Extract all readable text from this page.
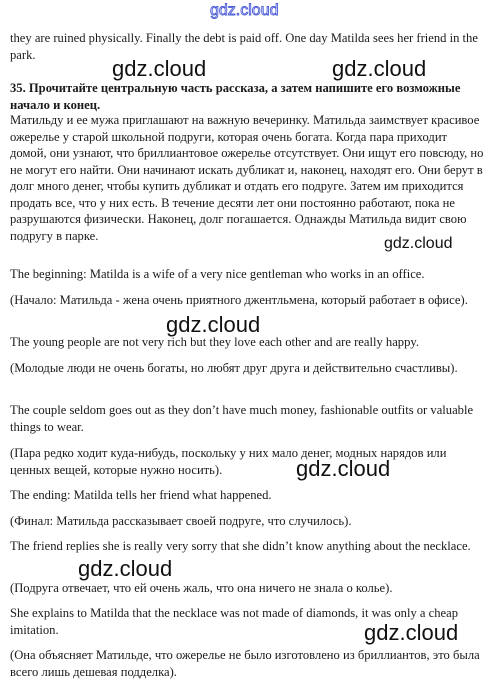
gdz.cloud

they are ruined physically. Finally the debt is paid off. One day Matilda sees her friend in the park.

35. Прочитайте центральную часть рассказа, а затем напишите его возможные начало и конец.

Матильду и ее мужа приглашают на важную вечеринку. Матильда заимствует красивое ожерелье у старой школьной подруги, которая очень богата. Когда пара приходит домой, они узнают, что бриллиантовое ожерелье отсутствует. Они ищут его повсюду, но не могут его найти. Они начинают искать дубликат и, наконец, находят его. Они берут в долг много денег, чтобы купить дубликат и отдать его подруге. Затем им приходится продать все, что у них есть. В течение десяти лет они постоянно работают, пока не разрушаются физически. Наконец, долг погашается. Однажды Матильда видит свою подругу в парке.

The beginning: Matilda is a wife of a very nice gentleman who works in an office.

(Начало: Матильда - жена очень приятного джентльмена, который работает в офисе).

The young people are not very rich but they love each other and are really happy.

(Молодые люди не очень богаты, но любят друг друга и действительно счастливы).

The couple seldom goes out as they don’t have much money, fashionable outfits or valuable things to wear.

(Пара редко ходит куда-нибудь, поскольку у них мало денег, модных нарядов или ценных вещей, которые нужно носить).

The ending: Matilda tells her friend what happened.

(Финал: Матильда рассказывает своей подруге, что случилось).

The friend replies she is really very sorry that she didn’t know anything about the necklace.

(Подруга отвечает, что ей очень жаль, что она ничего не знала о колье).

She explains to Matilda that the necklace was not made of diamonds, it was only a cheap imitation.

(Она объясняет Матильде, что ожерелье не было изготовлено из бриллиантов, это была всего лишь дешевая подделка).

gdz.cloud	gdz.cloud
gdz.cloud
gdz.cloud
gdz.cloud
gdz.cloud
gdz.cloud
